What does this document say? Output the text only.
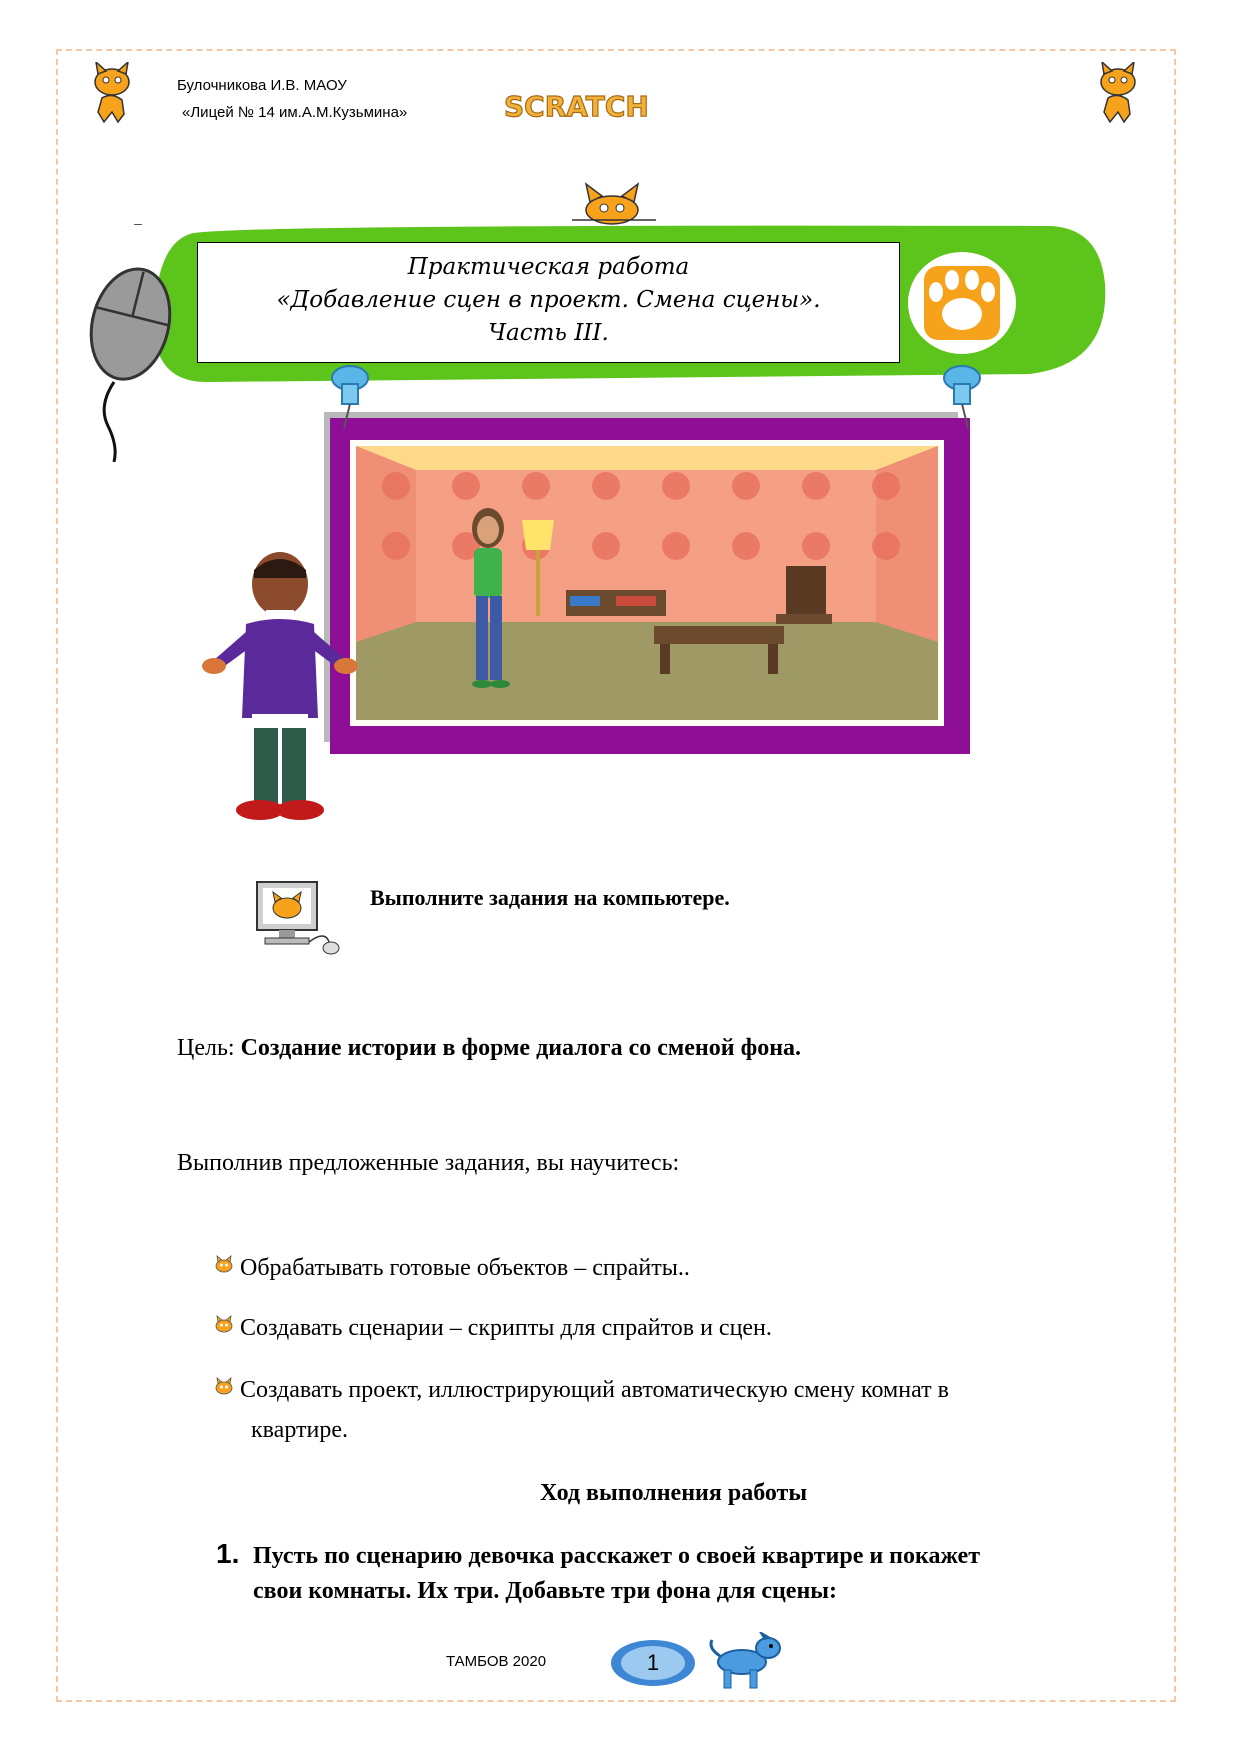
Булочникова И.В. МАОУ
«Лицей № 14 им.А.М.Кузьмина»	SCRATCH
Практическая работа
«Добавление сцен в проект. Смена сцены».
Часть III.
Выполните задания на компьютере.
Цель: Создание истории в форме диалога со сменой фона.
Выполнив предложенные задания, вы научитесь:
Обрабатывать готовые объектов – спрайты..
Создавать сценарии – скрипты для спрайтов и сцен.
Создавать проект, иллюстрирующий автоматическую смену комнат в
квартире.
Ход выполнения работы
1. Пусть по сценарию девочка расскажет о своей квартире и покажет
свои комнаты. Их три. Добавьте три фона для сцены:
ТАМБОВ 2020	1
